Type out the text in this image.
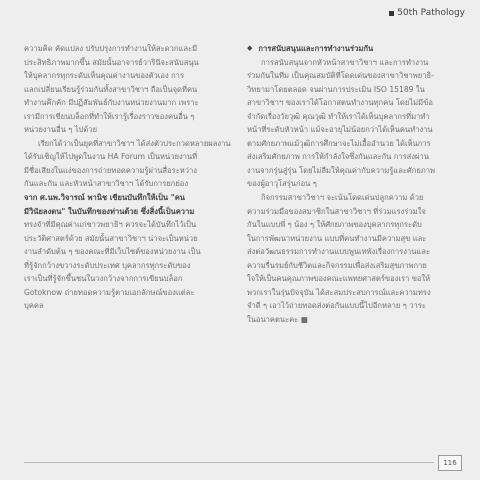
50th Pathology
ความคิด คัดแปลง ปรับปรุงการทำงานให้สะดวกและมี
ประสิทธิภาพมากขึ้น สมัยนั้นอาจารย์วารินีจะสนับสนุน
ให้บุคลากรทุกระดับเห็นคุณค่างานของตัวเอง การ
แลกเปลี่ยนเรียนรู้ร่วมกันทั้งสาขาวิชาฯ ถือเป็นจุดที่คน
ทำงานคึกคัก มีปฏิสัมพันธ์กับงานหน่วยงานมาก เพราะ
เรามีการเขียนบล็อกที่ทำให้เรารู้เรื่องราวของคนอื่น ๆ
หน่วยงานอื่น ๆ ไปด้วย
เรียกได้ว่าเป็นยุคที่สาขาวิชาฯ ได้ส่งตัวประกวดหลายผลงาน
ได้รับเชิญให้ไปพูดในงาน HA Forum เป็นหน่วยงานที่
มีชื่อเสียงในแง่ของการถ่ายทอดความรู้ผ่านสื่อระหว่าง
กันและกัน และหัวหน้าสาขาวิชาฯ ได้รับการยกย่อง
จาก ศ.นพ.วิจารณ์ พานิช เขียนบันทึกให้เป็น "คน
มีวินัยลงตน" ในบันทึกของท่านด้วย ซึ่งสิ่งนี้เป็นความ
ทรงจำที่มีคุณค่าแก่ชาวพยาธิฯ ควรจะได้บันทึกไว้เป็น
ประวัติศาสตร์ด้วย สมัยนั้นสาขาวิชาฯ น่าจะเป็นหน่วย
งานลำดับต้น ๆ ของคณะที่มีเว็บไซต์ของหน่วยงาน เป็น
ที่รู้จักกว้างขวางระดับประเทศ บุคลากรทุกระดับของ
เราเป็นที่รู้จักขึ้นชนในวงกว้างจากการเขียนบล็อก
Gotoknow ถ่ายทอดความรู้ตามเอกลักษณ์ของแต่ละ
บุคคล
◆ การสนับสนุนและการทำงานร่วมกัน
การสนับสนุนจากหัวหน้าสาขาวิชาฯ และการทำงาน
ร่วมกันในทีม เป็นคุณสมบัติที่โดดเด่นของสาขาวิชาพยาธิ-
วิทยามาโดยตลอด จนผ่านการประเมิน ISO 15189 ใน
สาขาวิชาฯ ของเราได้โอกาสตนทำงานทุกคน โดยไม่มีข้อ
จำกัดเรื่องวัยวุฒิ คุณวุฒิ ทำให้เราได้เห็นบุคลากรที่มาทำ
หน้าที่ระดับหัวหน้า แม้จะอายุไม่น้อยกว่าได้เห็นคนทำงาน
ตามศักยภาพแม้วุฒิการศึกษาจะไม่เอื้ออำนวย ได้เห็นการ
ส่งเสริมศักยภาพ การให้กำลังใจซึ่งกันและกัน การส่งผ่าน
งานจากรุ่นสู่รุ่น โดยไม่ลืมให้คุณค่ากับความรู้และศักยภาพ
ของผู้อาวุโสรุ่นก่อน ๆ
กิจกรรมสาขาวิชาฯ จะเน้นโดดเด่นปลูกความ ด้วย
ความร่วมมือของสมาชิกในสาขาวิชาฯ ที่ร่วมแรงร่วมใจ
กันในแบบพี่ ๆ น้อง ๆ ให้ศักยภาพของบุคลากรทุกระดับ
ในการพัฒนาหน่วยงาน แบบที่คนทำงานมีความสุข และ
ส่งต่อวัฒนธรรมการทำงานแบบพูนเทพังเรื่องการงานและ
ความรื่นรมย์กับชีวิตและกิจกรรมเพื่อส่งเสริมสุขภาพกาย
ใจให้เป็นคนคุณภาพของคณะแพทยศาสตร์ของเรา ขอให้
พวกเราในรุ่นปัจจุบัน ได้สะสมประสบการณ์และความทรง
จำดี ๆ เอาไว้ถ่ายทอดส่งต่อกันแบบนี้ไปอีกหลาย ๆ วาระ
ในอนาคตนะคะ ■
116
